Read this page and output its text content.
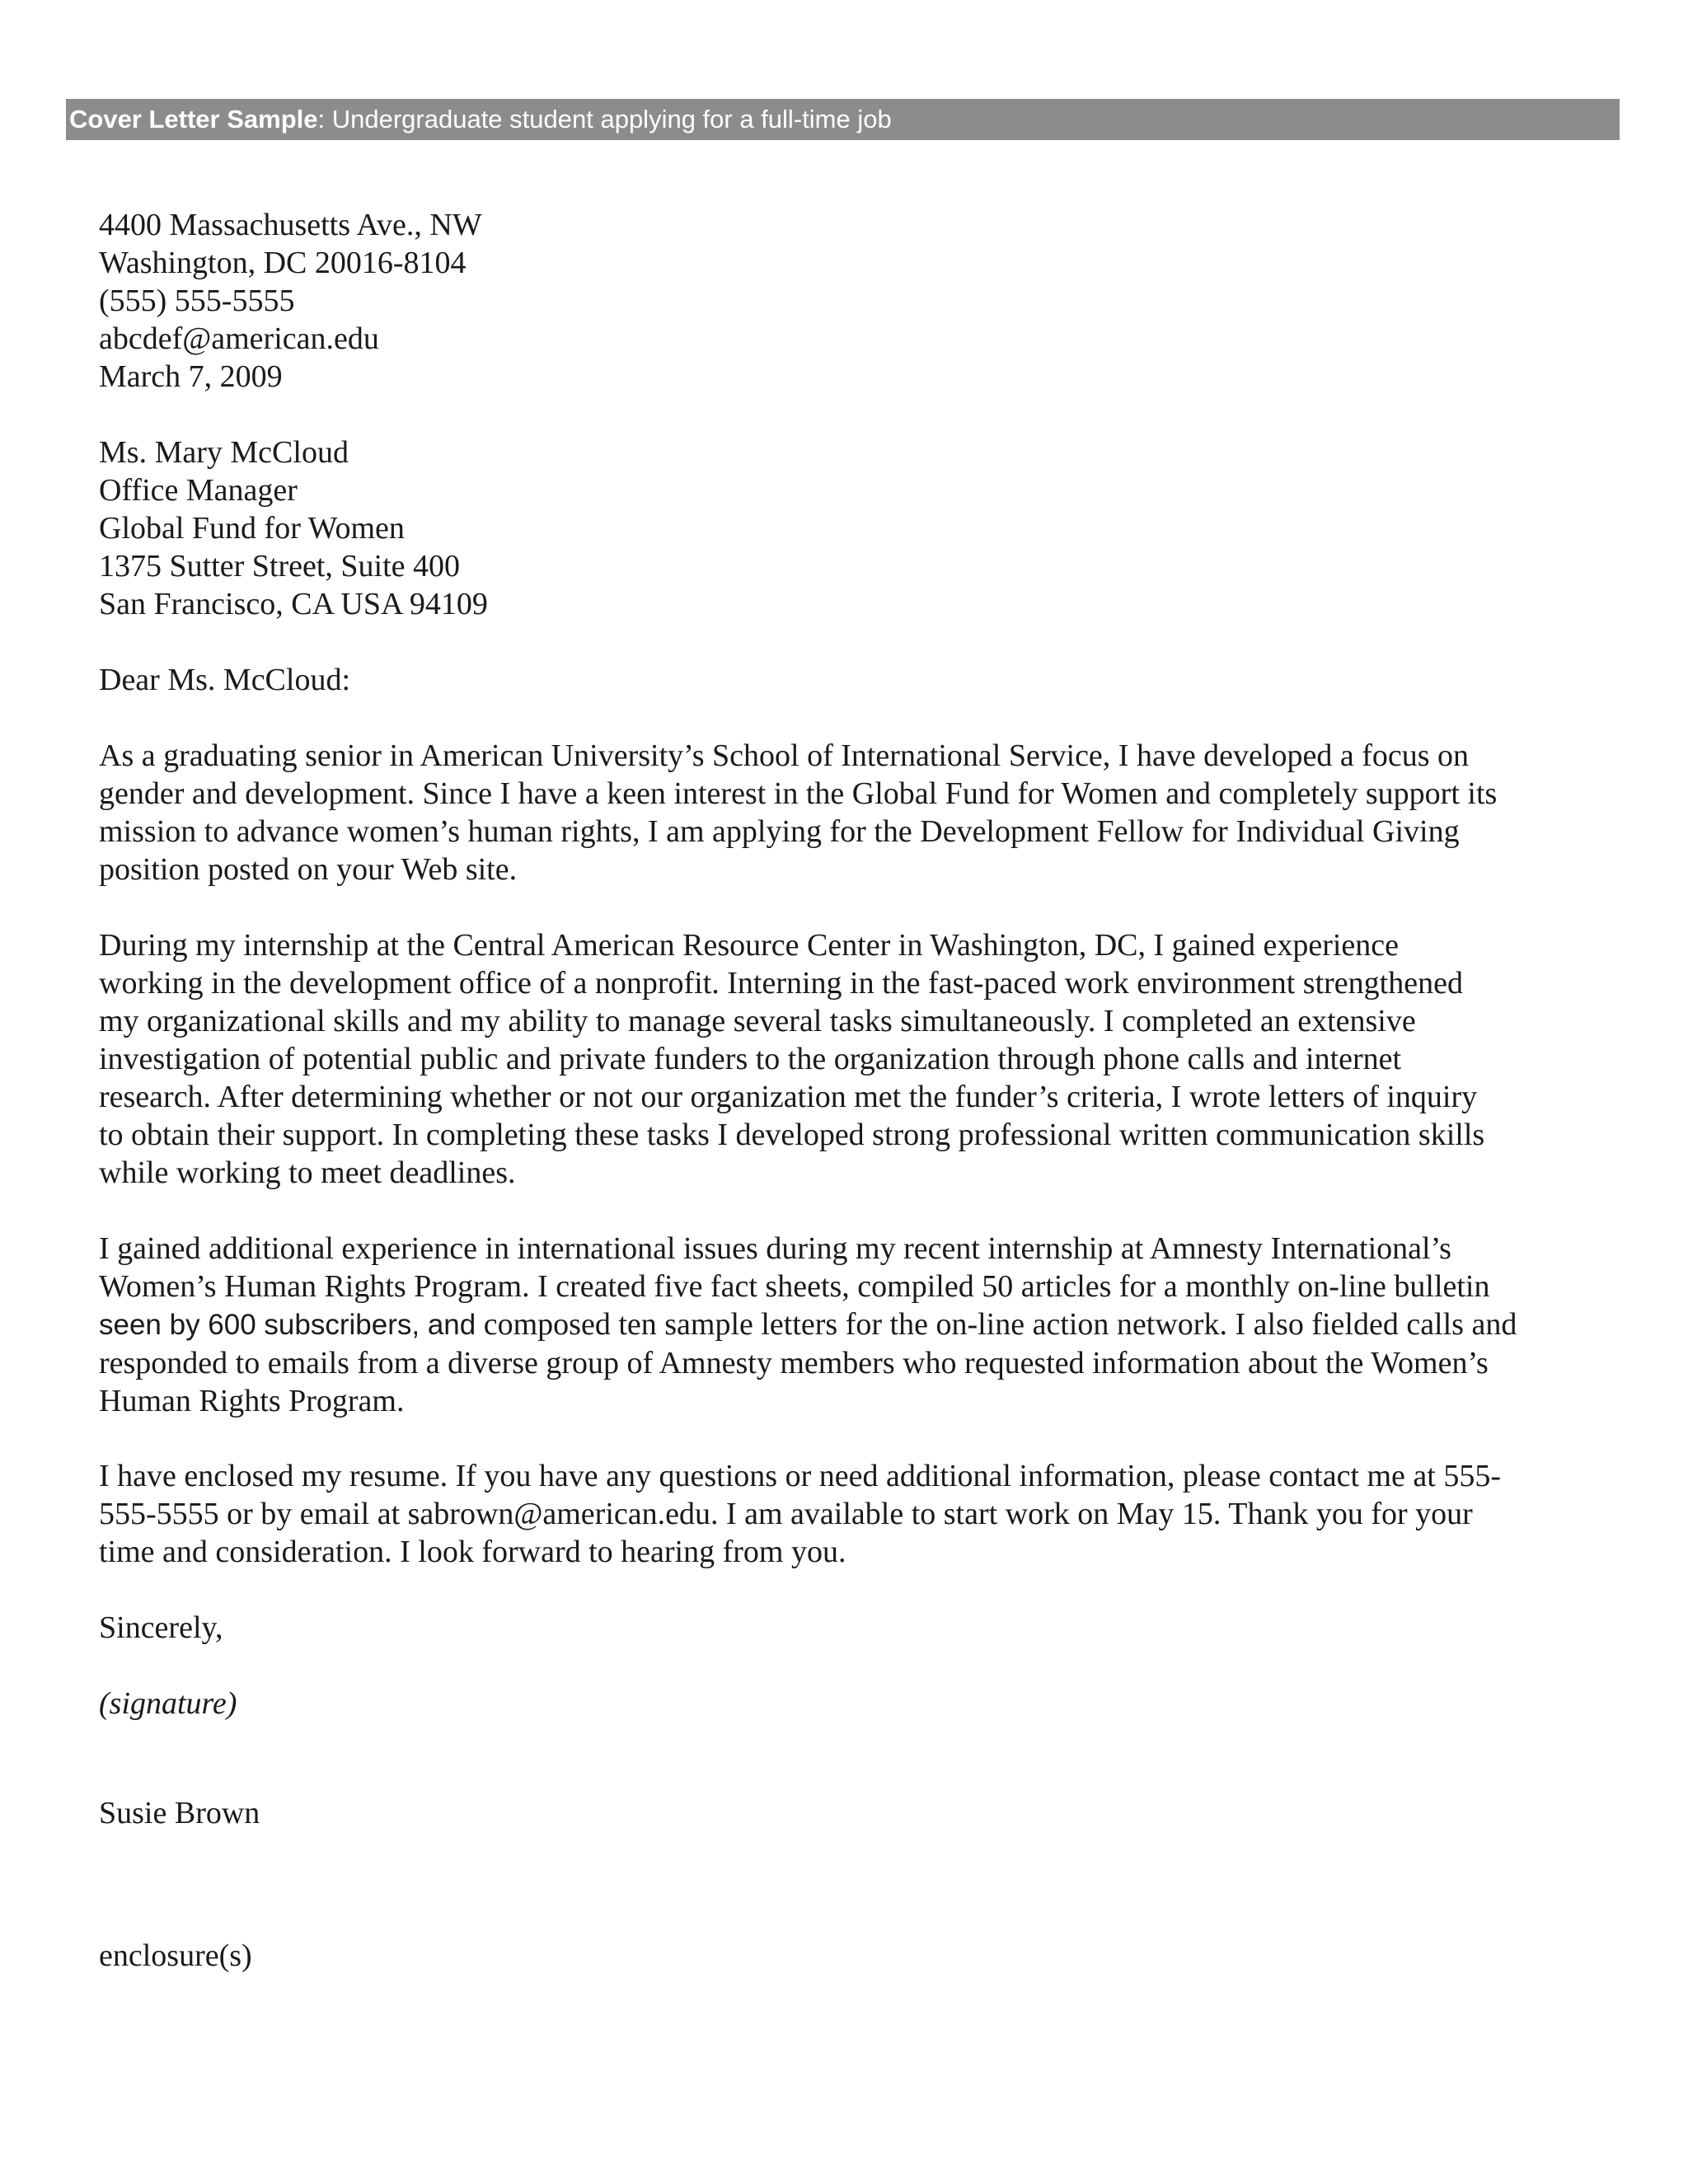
Cover Letter Sample: Undergraduate student applying for a full-time job
4400 Massachusetts Ave., NW
Washington, DC 20016-8104
(555) 555-5555
abcdef@american.edu
March 7, 2009
Ms. Mary McCloud
Office Manager
Global Fund for Women
1375 Sutter Street, Suite 400
San Francisco, CA USA 94109
Dear Ms. McCloud:
As a graduating senior in American University’s School of International Service, I have developed a focus on
gender and development. Since I have a keen interest in the Global Fund for Women and completely support its
mission to advance women’s human rights, I am applying for the Development Fellow for Individual Giving
position posted on your Web site.
During my internship at the Central American Resource Center in Washington, DC, I gained experience
working in the development office of a nonprofit. Interning in the fast-paced work environment strengthened
my organizational skills and my ability to manage several tasks simultaneously. I completed an extensive
investigation of potential public and private funders to the organization through phone calls and internet
research. After determining whether or not our organization met the funder’s criteria, I wrote letters of inquiry
to obtain their support. In completing these tasks I developed strong professional written communication skills
while working to meet deadlines.
I gained additional experience in international issues during my recent internship at Amnesty International’s
Women’s Human Rights Program. I created five fact sheets, compiled 50 articles for a monthly on-line bulletin
seen by 600 subscribers, and composed ten sample letters for the on-line action network. I also fielded calls and
responded to emails from a diverse group of Amnesty members who requested information about the Women’s
Human Rights Program.
I have enclosed my resume. If you have any questions or need additional information, please contact me at 555-
555-5555 or by email at sabrown@american.edu. I am available to start work on May 15. Thank you for your
time and consideration. I look forward to hearing from you.
Sincerely,
(signature)
Susie Brown
enclosure(s)
